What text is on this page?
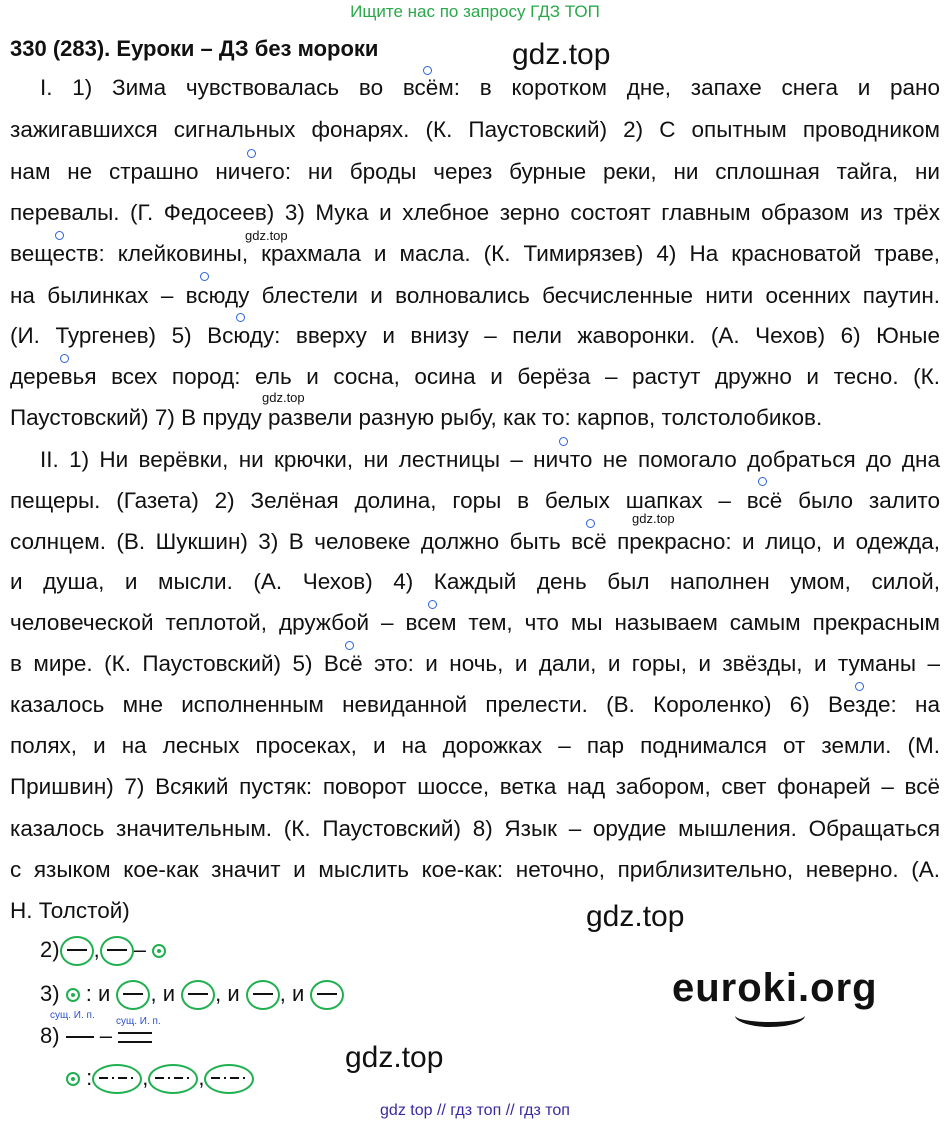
Ищите нас по запросу ГДЗ ТОП
330 (283). Еуроки – ДЗ без мороки	gdz.top
gdz.top
gdz.top
gdz.top
gdz.top
gdz.top
I. 1) Зима чувствовалась во всём: в коротком дне, запахе снега и рано
зажигавшихся сигнальных фонарях. (К. Паустовский) 2) С опытным проводником
нам не страшно ничего: ни броды через бурные реки, ни сплошная тайга, ни
перевалы. (Г. Федосеев) 3) Мука и хлебное зерно состоят главным образом из трёх
веществ: клейковины, крахмала и масла. (К. Тимирязев) 4) На красноватой траве,
на былинках – всюду блестели и волновались бесчисленные нити осенних паутин.
(И. Тургенев) 5) Всюду: вверху и внизу – пели жаворонки. (А. Чехов) 6) Юные
деревья всех пород: ель и сосна, осина и берёза – растут дружно и тесно. (К.
Паустовский) 7) В пруду развели разную рыбу, как то: карпов, толстолобиков.
II. 1) Ни верёвки, ни крючки, ни лестницы – ничто не помогало добраться до дна
пещеры. (Газета) 2) Зелёная долина, горы в белых шапках – всё было залито
солнцем. (В. Шукшин) 3) В человеке должно быть всё прекрасно: и лицо, и одежда,
и душа, и мысли. (А. Чехов) 4) Каждый день был наполнен умом, силой,
человеческой теплотой, дружбой – всем тем, что мы называем самым прекрасным
в мире. (К. Паустовский) 5) Всё это: и ночь, и дали, и горы, и звёзды, и туманы –
казалось мне исполненным невиданной прелести. (В. Короленко) 6) Везде: на
полях, и на лесных просеках, и на дорожках – пар поднимался от земли. (М.
Пришвин) 7) Всякий пустяк: поворот шоссе, ветка над забором, свет фонарей – всё
казалось значительным. (К. Паустовский) 8) Язык – орудие мышления. Обращаться
с языком кое-как значит и мыслить кое-как: неточно, приблизительно, неверно. (А.
Н. Толстой)
2) , –
3)  : и , и , и , и
сущ. И. п.
сущ. И. п.
8)  –
: , ,
euroki.org
gdz top // гдз топ // гдз топ
